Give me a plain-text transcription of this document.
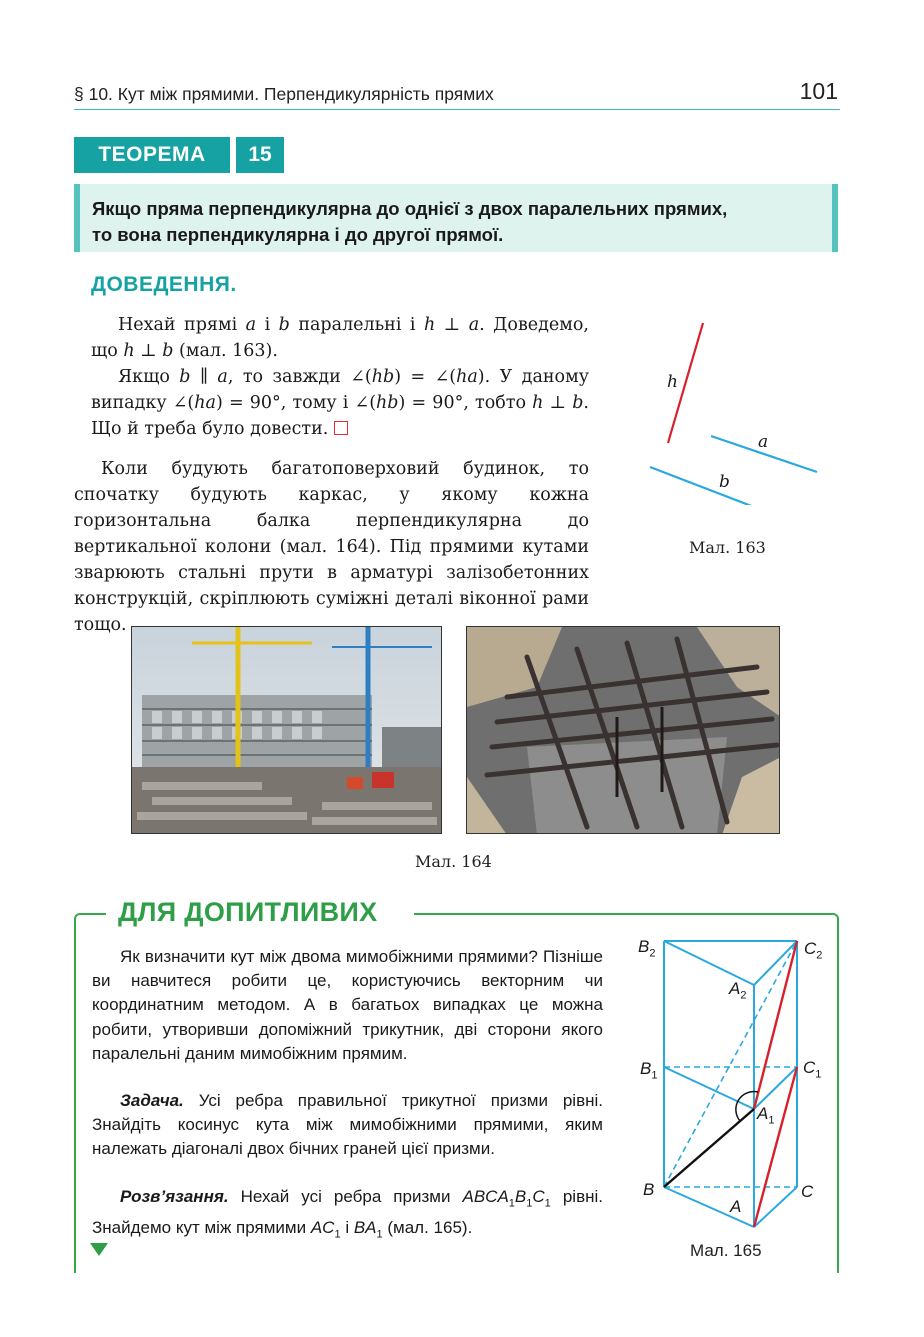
§ 10. Кут між прямими. Перпендикулярність прямих	101
ТЕОРЕМА	15
Якщо пряма перпендикулярна до однієї з двох паралельних прямих,
то вона перпендикулярна і до другої прямої.
ДОВЕДЕННЯ.
Нехай прямі a і b паралельні і h ⊥ a. Доведемо, що h ⊥ b (мал. 163).
Якщо b ∥ a, то завжди ∠(hb) = ∠(ha). У даному випадку ∠(ha) = 90°, тому і ∠(hb) = 90°, тобто h ⊥ b. Що й треба було довести.
Коли будують багатоповерховий будинок, то спочатку будують каркас, у якому кожна горизонтальна балка перпендикулярна до вертикальної колони (мал. 164). Під прямими кутами зварюють стальні прути в арматурі залізобетонних конструкцій, скріплюють суміжні деталі віконної рами тощо.
h
a
b
Мал. 163
Мал. 164
ДЛЯ ДОПИТЛИВИХ
Як визначити кут між двома мимобіжними прямими? Пізніше ви навчитеся робити це, користуючись векторним чи координатним методом. А в багатьох випадках це можна робити, утворивши допоміжний трикутник, дві сторони якого паралельні даним мимобіжним прямим.
Задача. Усі ребра правильної трикутної призми рівні. Знайдіть косинус кута між мимобіжними прямими, яким належать діагоналі двох бічних граней цієї призми.
Розв’язання. Нехай усі ребра призми $ABCA_1B_1C_1$ рівні. Знайдемо кут між прямими $AC_1$ і $BA_1$ (мал. 165).
$B_2$	$C_2$
$A_2$
$B_1$	$C_1$
$A_1$
B	C
A
Мал. 165
